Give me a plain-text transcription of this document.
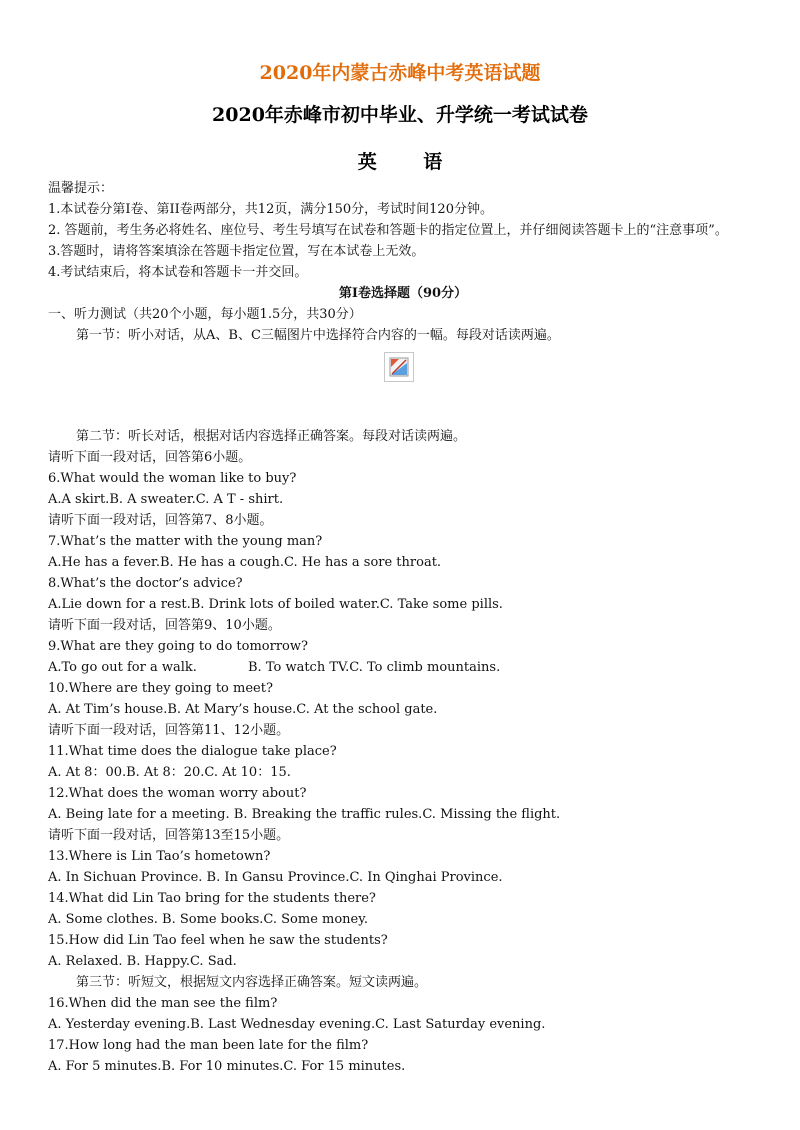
2020年内蒙古赤峰中考英语试题
2020年赤峰市初中毕业、升学统一考试试卷
英 语
温馨提示：
1.本试卷分第I卷、第II卷两部分，共12页，满分150分，考试时间120分钟。
2. 答题前，考生务必将姓名、座位号、考生号填写在试卷和答题卡的指定位置上，并仔细阅读答题卡上的“注意事项”。
3.答题时，请将答案填涂在答题卡指定位置，写在本试卷上无效。
4.考试结束后，将本试卷和答题卡一并交回。
第I卷选择题（90分）
一、听力测试（共20个小题，每小题1.5分，共30分）
第一节：听小对话，从A、B、C三幅图片中选择符合内容的一幅。每段对话读两遍。
第二节：听长对话，根据对话内容选择正确答案。每段对话读两遍。
请听下面一段对话，回答第6小题。
6.What would the woman like to buy?
A.A skirt.B. A sweater.C. A T - shirt.
请听下面一段对话，回答第7、8小题。
7.What’s the matter with the young man?
A.He has a fever.B. He has a cough.C. He has a sore throat.
8.What’s the doctor’s advice?
A.Lie down for a rest.B. Drink lots of boiled water.C. Take some pills.
请听下面一段对话，回答第9、10小题。
9.What are they going to do tomorrow?
A.To go out for a walk.	B. To watch TV.C. To climb mountains.
10.Where are they going to meet?
A. At Tim’s house.B. At Mary’s house.C. At the school gate.
请听下面一段对话，回答第11、12小题。
11.What time does the dialogue take place?
A. At 8：00.B. At 8：20.C. At 10：15.
12.What does the woman worry about?
A. Being late for a meeting. B. Breaking the traffic rules.C. Missing the flight.
请听下面一段对话，回答第13至15小题。
13.Where is Lin Tao’s hometown?
A. In Sichuan Province. B. In Gansu Province.C. In Qinghai Province.
14.What did Lin Tao bring for the students there?
A. Some clothes. B. Some books.C. Some money.
15.How did Lin Tao feel when he saw the students?
A. Relaxed. B. Happy.C. Sad.
第三节：听短文，根据短文内容选择正确答案。短文读两遍。
16.When did the man see the film?
A. Yesterday evening.B. Last Wednesday evening.C. Last Saturday evening.
17.How long had the man been late for the film?
A. For 5 minutes.B. For 10 minutes.C. For 15 minutes.
